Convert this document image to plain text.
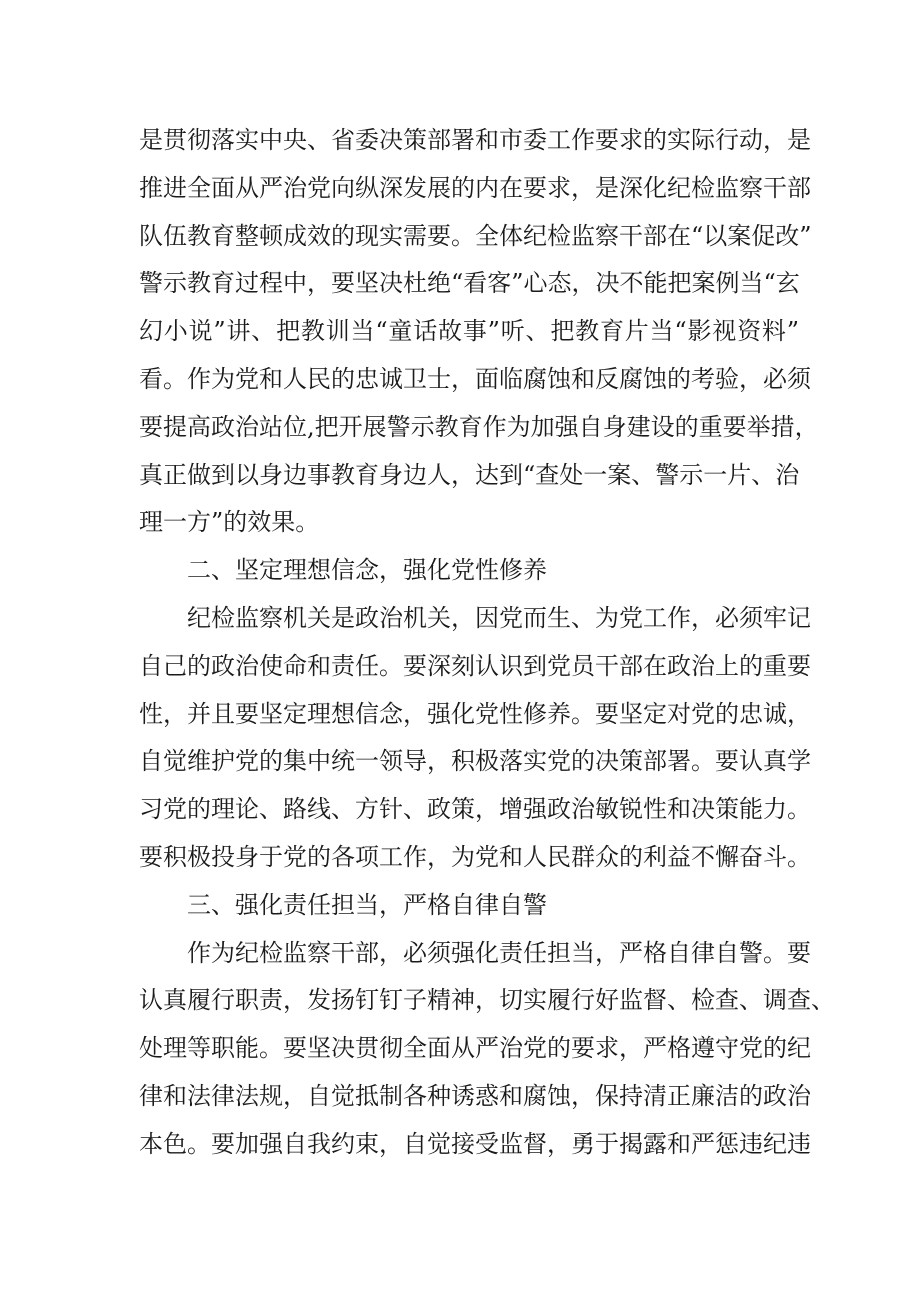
是贯彻落实中央、省委决策部署和市委工作要求的实际行动，是
推进全面从严治党向纵深发展的内在要求，是深化纪检监察干部
队伍教育整顿成效的现实需要。全体纪检监察干部在“以案促改”
警示教育过程中，要坚决杜绝“看客”心态，决不能把案例当“玄
幻小说”讲、把教训当“童话故事”听、把教育片当“影视资料”
看。作为党和人民的忠诚卫士，面临腐蚀和反腐蚀的考验，必须
要提高政治站位,把开展警示教育作为加强自身建设的重要举措，
真正做到以身边事教育身边人，达到“查处一案、警示一片、治
理一方”的效果。
二、坚定理想信念，强化党性修养
纪检监察机关是政治机关，因党而生、为党工作，必须牢记
自己的政治使命和责任。要深刻认识到党员干部在政治上的重要
性，并且要坚定理想信念，强化党性修养。要坚定对党的忠诚，
自觉维护党的集中统一领导，积极落实党的决策部署。要认真学
习党的理论、路线、方针、政策，增强政治敏锐性和决策能力。
要积极投身于党的各项工作，为党和人民群众的利益不懈奋斗。
三、强化责任担当，严格自律自警
作为纪检监察干部，必须强化责任担当，严格自律自警。要
认真履行职责，发扬钉钉子精神，切实履行好监督、检查、调查、
处理等职能。要坚决贯彻全面从严治党的要求，严格遵守党的纪
律和法律法规，自觉抵制各种诱惑和腐蚀，保持清正廉洁的政治
本色。要加强自我约束，自觉接受监督，勇于揭露和严惩违纪违
